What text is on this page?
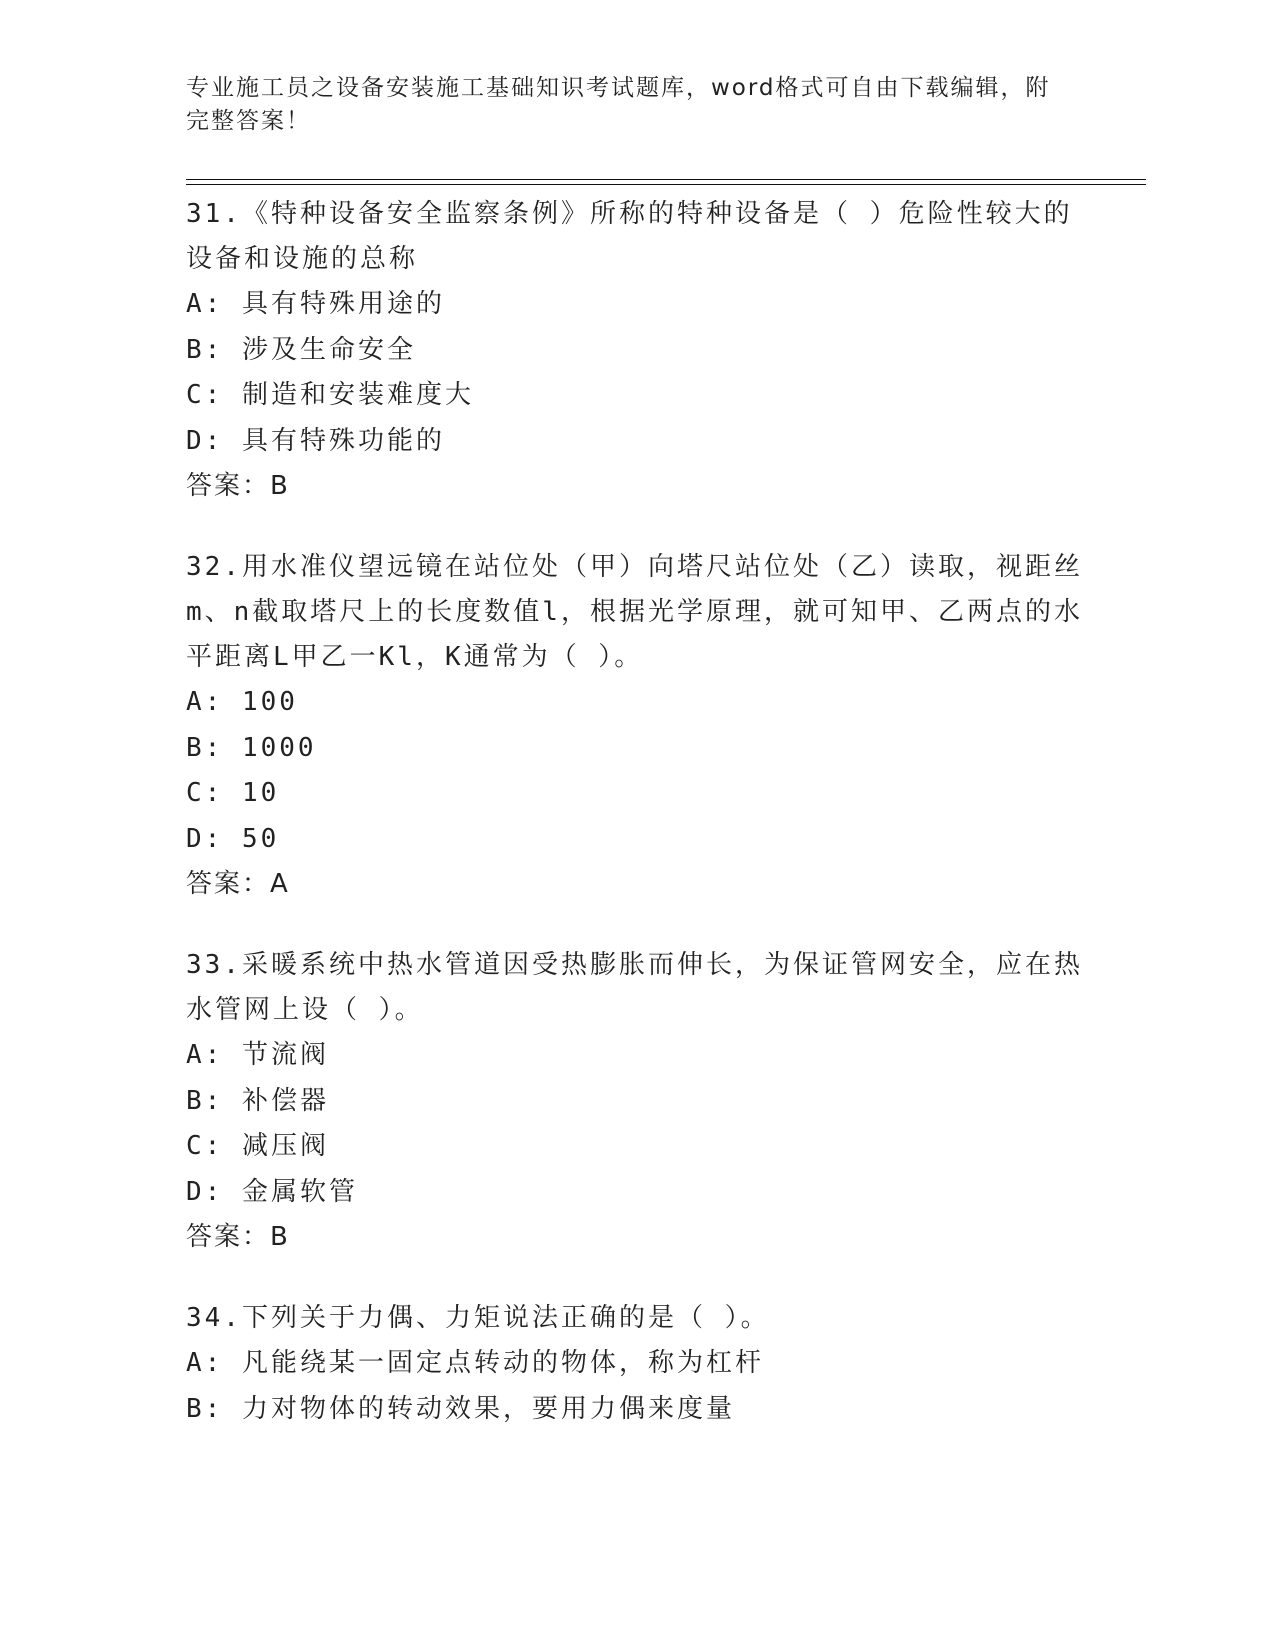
专业施工员之设备安装施工基础知识考试题库，word格式可自由下载编辑，附完整答案！
31.《特种设备安全监察条例》所称的特种设备是（ ）危险性较大的设备和设施的总称
A: 具有特殊用途的
B: 涉及生命安全
C: 制造和安装难度大
D: 具有特殊功能的
答案：B
32.用水准仪望远镜在站位处（甲）向塔尺站位处（乙）读取，视距丝m、n截取塔尺上的长度数值l，根据光学原理，就可知甲、乙两点的水平距离L甲乙一Kl，K通常为（ ）。
A: 100
B: 1000
C: 10
D: 50
答案：A
33.采暖系统中热水管道因受热膨胀而伸长，为保证管网安全，应在热水管网上设（ ）。
A: 节流阀
B: 补偿器
C: 减压阀
D: 金属软管
答案：B
34.下列关于力偶、力矩说法正确的是（ ）。
A: 凡能绕某一固定点转动的物体，称为杠杆
B: 力对物体的转动效果，要用力偶来度量
